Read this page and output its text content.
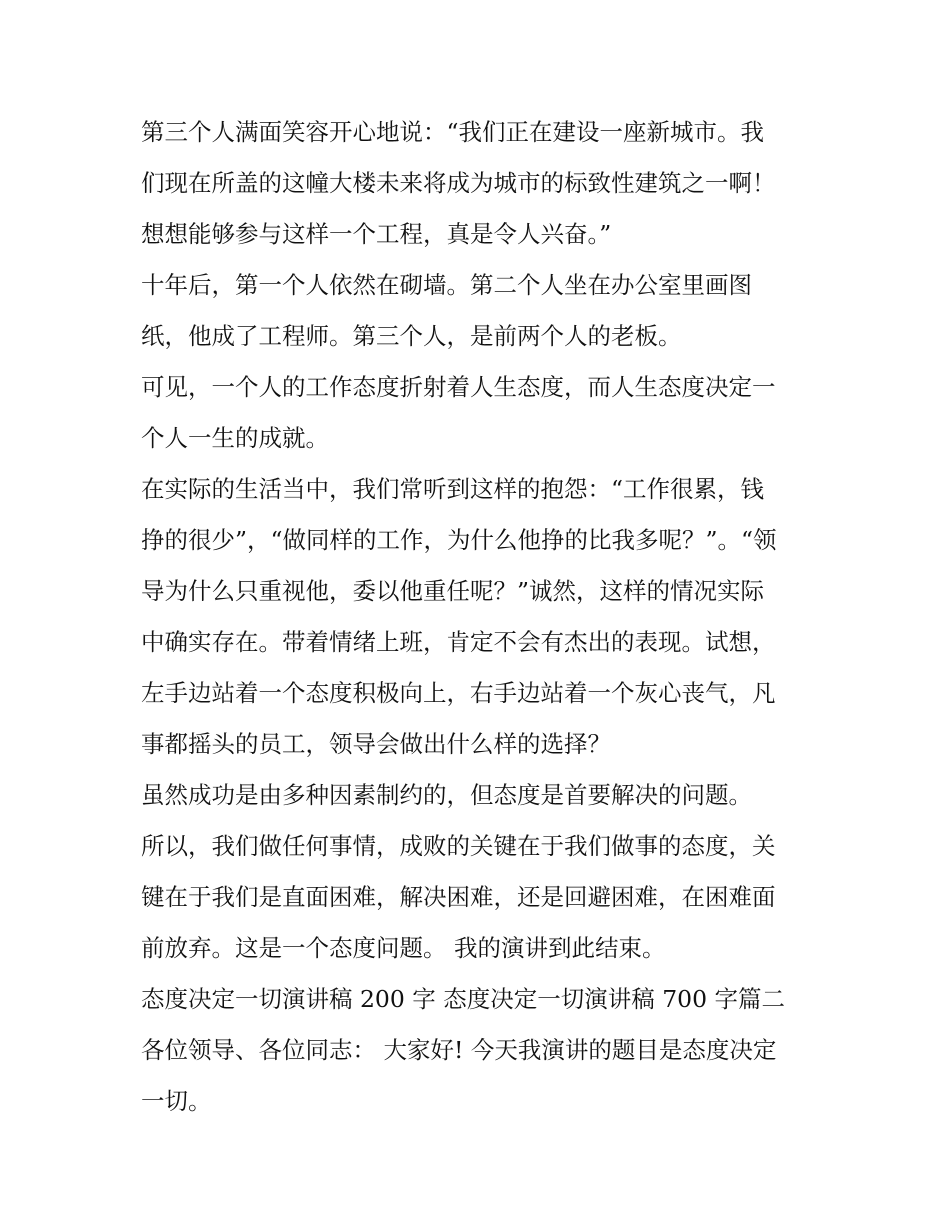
第三个人满面笑容开心地说：“我们正在建设一座新城市。我
们现在所盖的这幢大楼未来将成为城市的标致性建筑之一啊！
想想能够参与这样一个工程，真是令人兴奋。”
十年后，第一个人依然在砌墙。第二个人坐在办公室里画图
纸，他成了工程师。第三个人，是前两个人的老板。
可见，一个人的工作态度折射着人生态度，而人生态度决定一
个人一生的成就。
在实际的生活当中，我们常听到这样的抱怨：“工作很累，钱
挣的很少”，“做同样的工作，为什么他挣的比我多呢？”。“领
导为什么只重视他，委以他重任呢？”诚然，这样的情况实际
中确实存在。带着情绪上班，肯定不会有杰出的表现。试想，
左手边站着一个态度积极向上，右手边站着一个灰心丧气，凡
事都摇头的员工，领导会做出什么样的选择？
虽然成功是由多种因素制约的，但态度是首要解决的问题。
所以，我们做任何事情，成败的关键在于我们做事的态度，关
键在于我们是直面困难，解决困难，还是回避困难，在困难面
前放弃。这是一个态度问题。 我的演讲到此结束。
态度决定一切演讲稿 200 字 态度决定一切演讲稿 700 字篇二
各位领导、各位同志： 大家好! 今天我演讲的题目是态度决定
一切。
